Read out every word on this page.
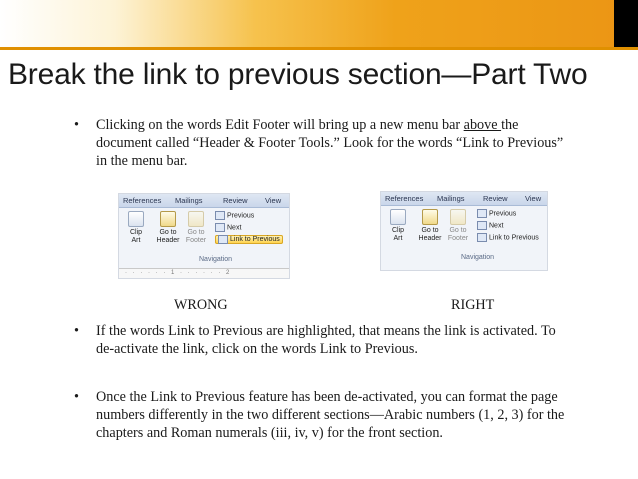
Break the link to previous section—Part Two
• Clicking on the words Edit Footer will bring up a new menu bar above the document called “Header & Footer Tools.” Look for the words “Link to Previous” in the menu bar.
References Mailings	Review View
Clip
Art
Go to
Header
Go to
Footer
Previous
Next
Link to Previous
Navigation
· · · · · · 1 · · · · · · 2
References Mailings Review View
Clip
Art
Go to
Header
Go to
Footer
Previous
Next
Link to Previous
Navigation
WRONG	RIGHT
• If the words Link to Previous are highlighted, that means the link is activated. To de-activate the link, click on the words Link to Previous.
• Once the Link to Previous feature has been de-activated, you can format the page numbers differently in the two different sections—Arabic numbers (1, 2, 3) for the chapters and Roman numerals (iii, iv, v) for the front section.
